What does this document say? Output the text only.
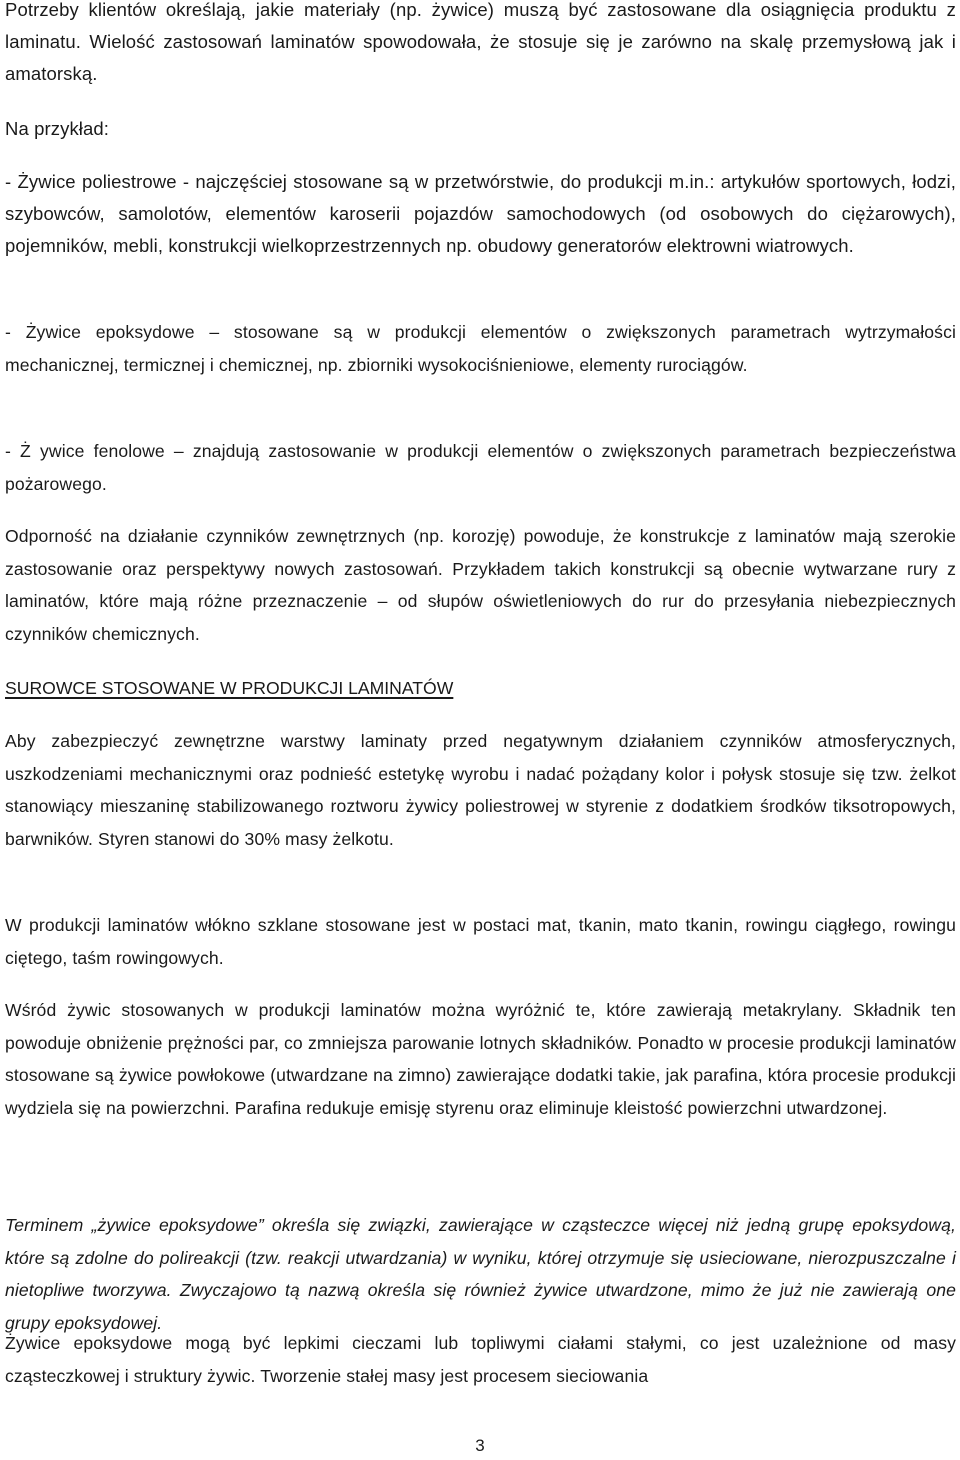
Potrzeby klientów określają, jakie materiały (np. żywice) muszą być zastosowane dla osiągnięcia produktu z laminatu. Wielość zastosowań laminatów spowodowała, że stosuje się je zarówno na skalę przemysłową jak i amatorską.

Na przykład:

- Żywice poliestrowe - najczęściej stosowane są w przetwórstwie, do produkcji m.in.: artykułów sportowych, łodzi, szybowców, samolotów, elementów karoserii pojazdów samochodowych (od osobowych do ciężarowych), pojemników, mebli, konstrukcji wielkoprzestrzennych np. obudowy generatorów elektrowni wiatrowych.

- Żywice epoksydowe – stosowane są w produkcji elementów o zwiększonych parametrach wytrzymałości mechanicznej, termicznej i chemicznej, np. zbiorniki wysokociśnieniowe, elementy rurociągów.

- Ż ywice fenolowe – znajdują zastosowanie w produkcji elementów o zwiększonych parametrach bezpieczeństwa pożarowego.

Odporność na działanie czynników zewnętrznych (np. korozję) powoduje, że konstrukcje z laminatów mają szerokie zastosowanie oraz perspektywy nowych zastosowań. Przykładem takich konstrukcji są obecnie wytwarzane rury z laminatów, które mają różne przeznaczenie – od słupów oświetleniowych do rur do przesyłania niebezpiecznych czynników chemicznych.

SUROWCE STOSOWANE W PRODUKCJI LAMINATÓW

Aby zabezpieczyć zewnętrzne warstwy laminaty przed negatywnym działaniem czynników atmosferycznych, uszkodzeniami mechanicznymi oraz podnieść estetykę wyrobu i nadać pożądany kolor i połysk stosuje się tzw. żelkot stanowiący mieszaninę stabilizowanego roztworu żywicy poliestrowej w styrenie z dodatkiem środków tiksotropowych, barwników. Styren stanowi do 30% masy żelkotu.

W produkcji laminatów włókno szklane stosowane jest w postaci mat, tkanin, mato tkanin, rowingu ciągłego, rowingu ciętego, taśm rowingowych.

Wśród żywic stosowanych w produkcji laminatów można wyróżnić te, które zawierają metakrylany. Składnik ten powoduje obniżenie prężności par, co zmniejsza parowanie lotnych składników. Ponadto w procesie produkcji laminatów stosowane są żywice powłokowe (utwardzane na zimno) zawierające dodatki takie, jak parafina, która procesie produkcji wydziela się na powierzchni. Parafina redukuje emisję styrenu oraz eliminuje kleistość powierzchni utwardzonej.

Terminem „żywice epoksydowe” określa się związki, zawierające w cząsteczce więcej niż jedną grupę epoksydową, które są zdolne do polireakcji (tzw. reakcji utwardzania) w wyniku, której otrzymuje się usieciowane, nierozpuszczalne i nietopliwe tworzywa. Zwyczajowo tą nazwą określa się również żywice utwardzone, mimo że już nie zawierają one grupy epoksydowej.

Żywice epoksydowe mogą być lepkimi cieczami lub topliwymi ciałami stałymi, co jest uzależnione od masy cząsteczkowej i struktury żywic. Tworzenie stałej masy jest procesem sieciowania

3
